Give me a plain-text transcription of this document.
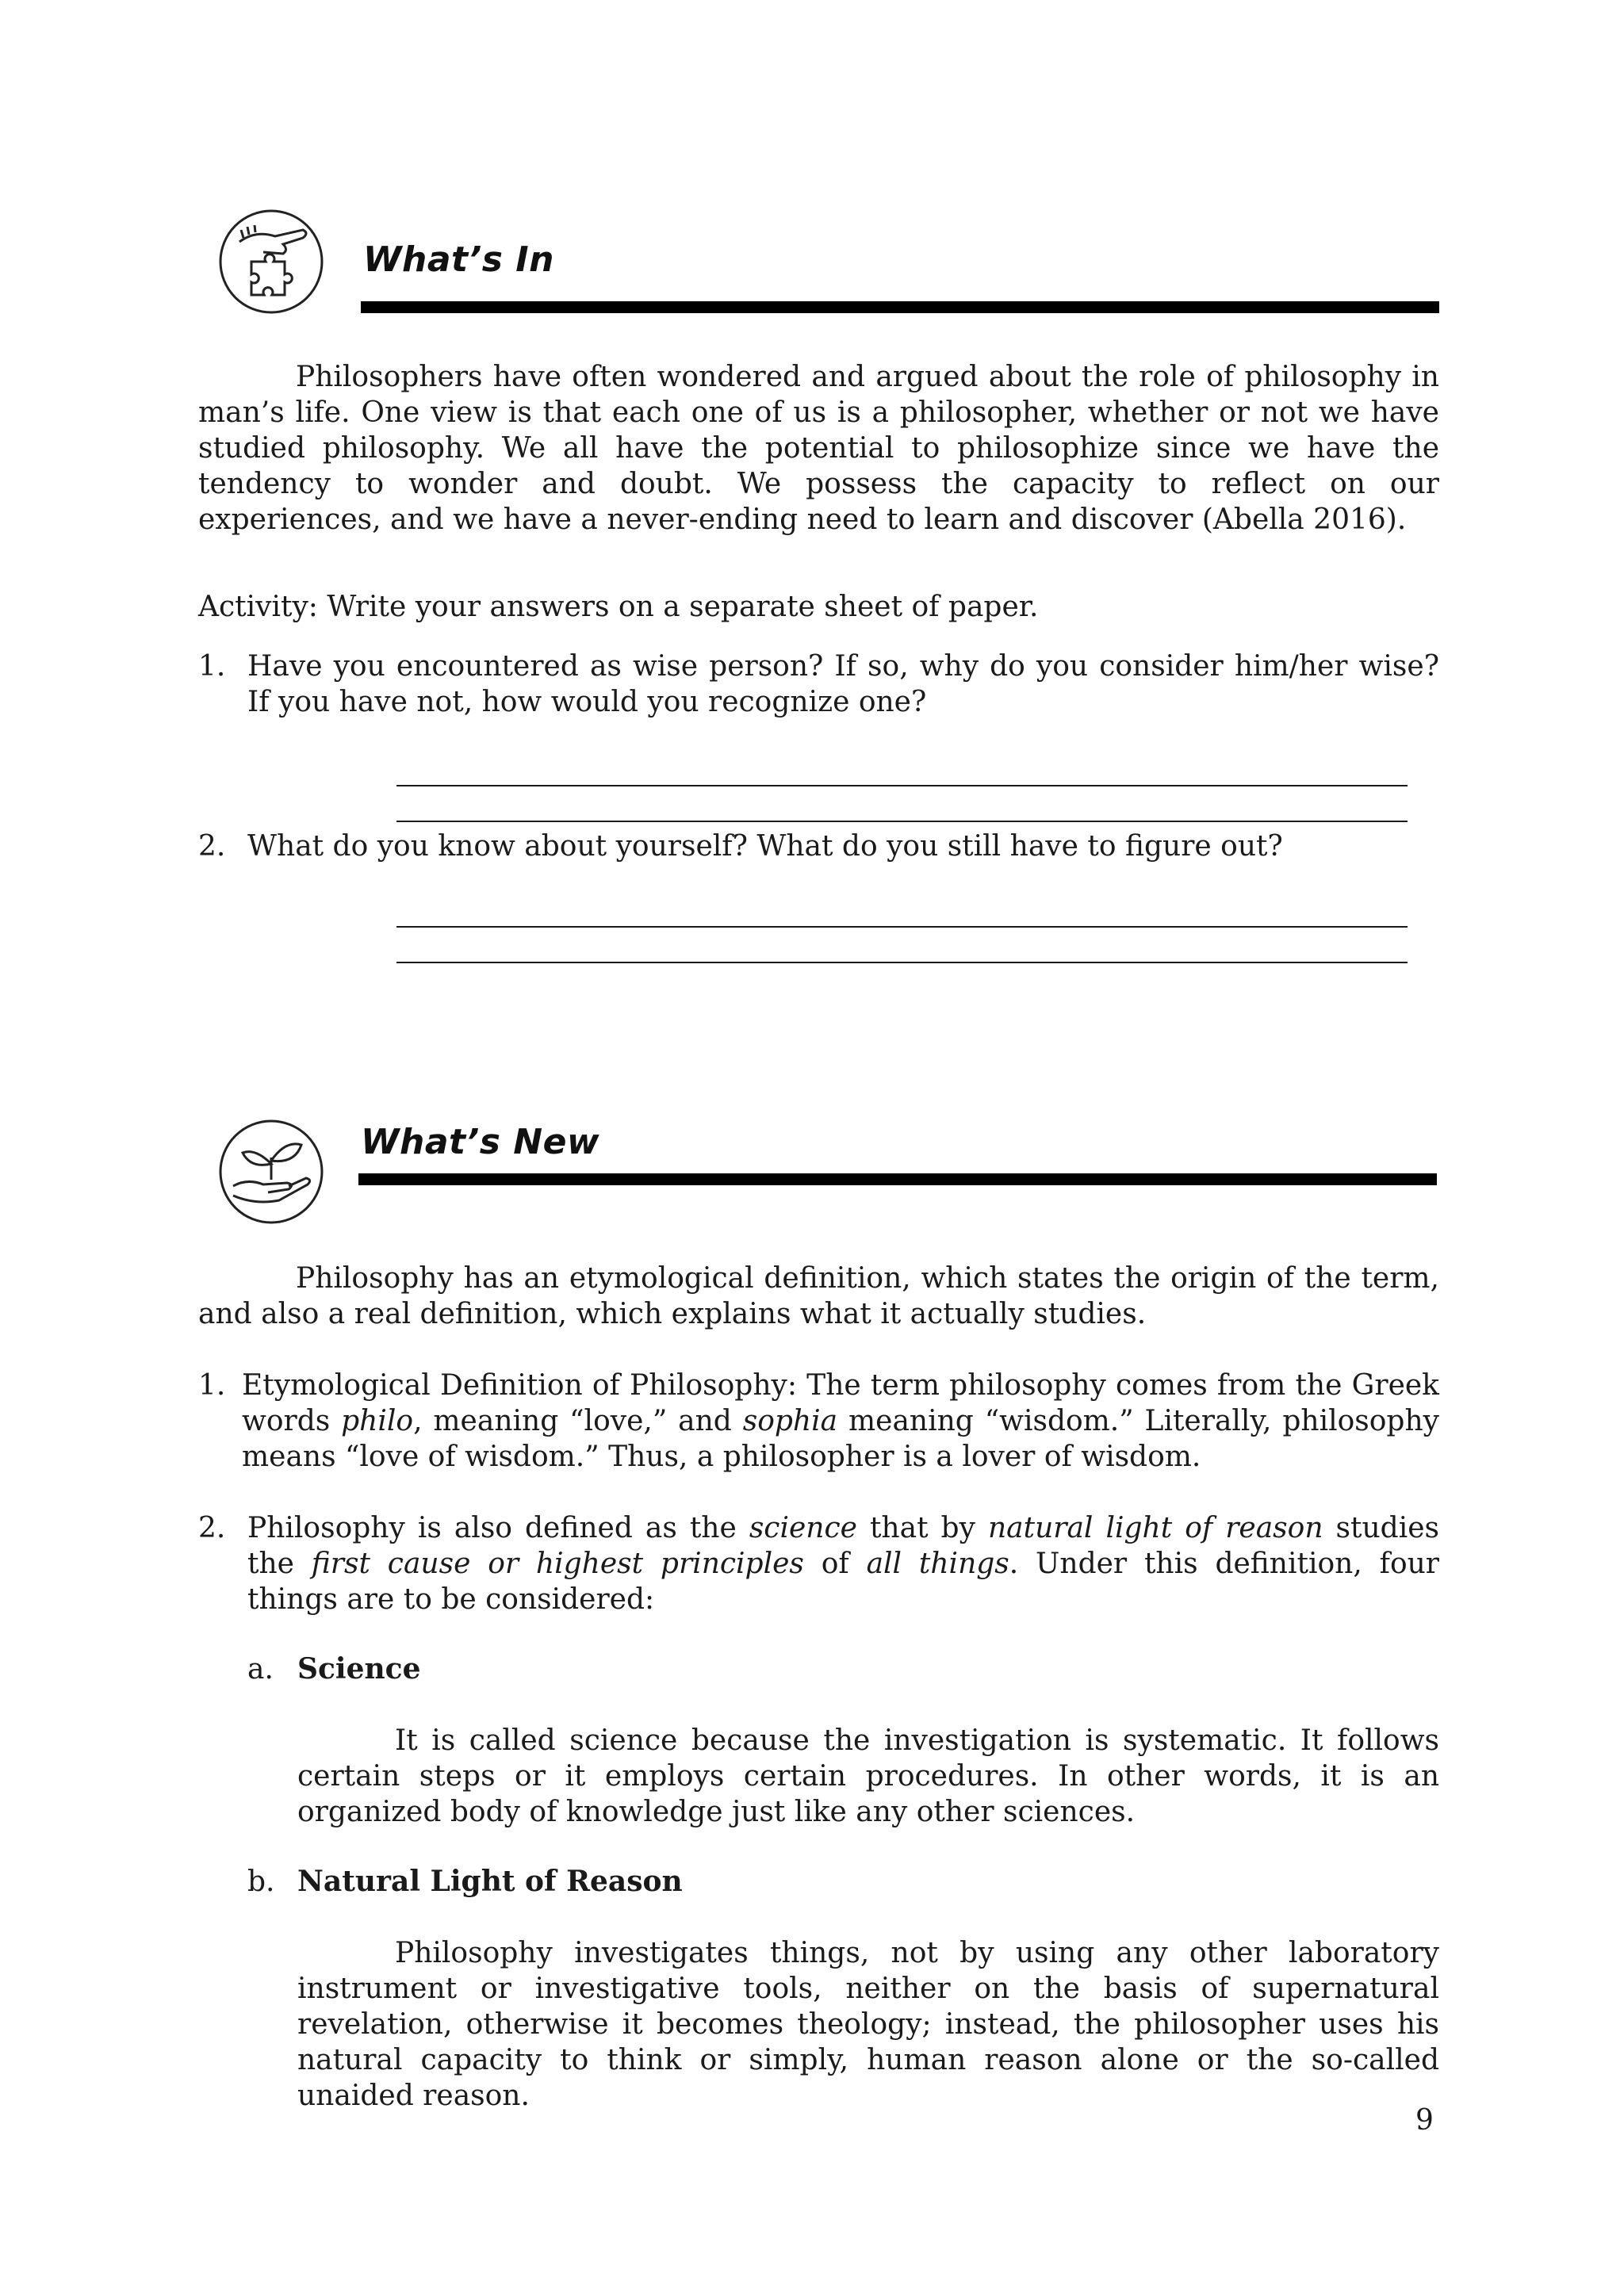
What’s In
Philosophers have often wondered and argued about the role of philosophy in man’s life. One view is that each one of us is a philosopher, whether or not we have studied philosophy. We all have the potential to philosophize since we have the tendency to wonder and doubt. We possess the capacity to reflect on our experiences, and we have a never-ending need to learn and discover (Abella 2016).
Activity: Write your answers on a separate sheet of paper.
1. Have you encountered as wise person? If so, why do you consider him/her wise? If you have not, how would you recognize one?
2. What do you know about yourself? What do you still have to figure out?
What’s New
Philosophy has an etymological definition, which states the origin of the term, and also a real definition, which explains what it actually studies.
1. Etymological Definition of Philosophy: The term philosophy comes from the Greek words philo, meaning “love,” and sophia meaning “wisdom.” Literally, philosophy means “love of wisdom.” Thus, a philosopher is a lover of wisdom.
2. Philosophy is also defined as the science that by natural light of reason studies the first cause or highest principles of all things. Under this definition, four things are to be considered:
a. Science
It is called science because the investigation is systematic. It follows certain steps or it employs certain procedures. In other words, it is an organized body of knowledge just like any other sciences.
b. Natural Light of Reason
Philosophy investigates things, not by using any other laboratory instrument or investigative tools, neither on the basis of supernatural revelation, otherwise it becomes theology; instead, the philosopher uses his natural capacity to think or simply, human reason alone or the so-called unaided reason.
9
